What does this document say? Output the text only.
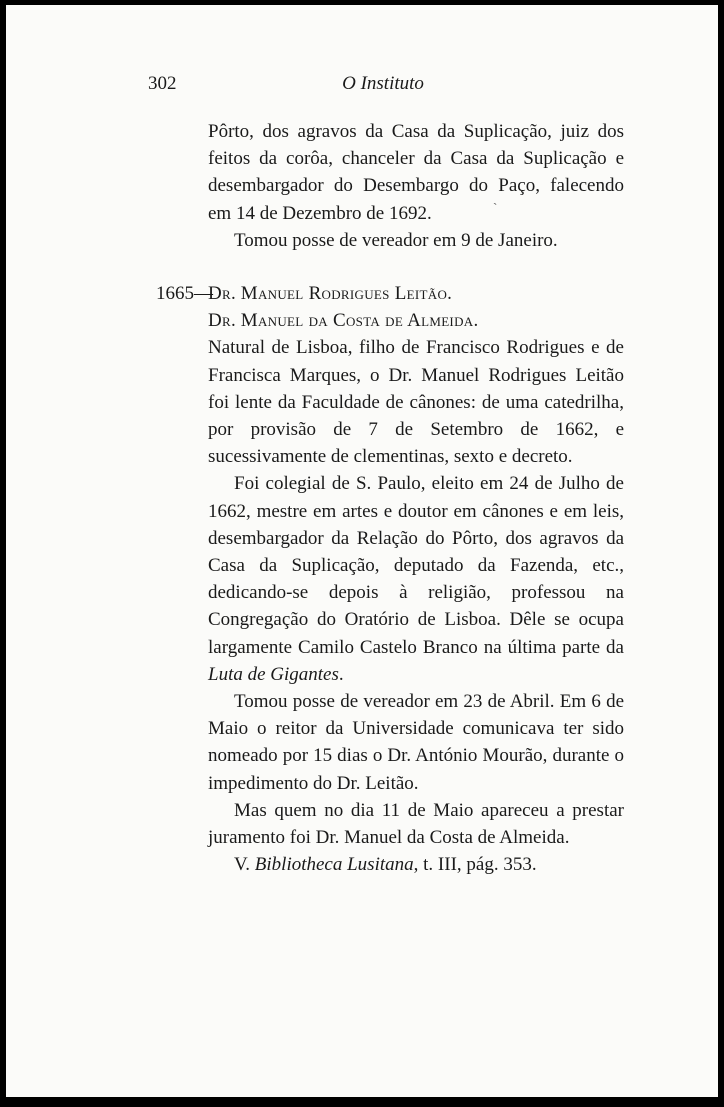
302	O Instituto

Pôrto, dos agravos da Casa da Suplicação, juiz dos feitos da corôa, chanceler da Casa da Suplicação e desembargador do Desembargo do Paço, falecendo em 14 de Dezembro de 1692.

Tomou posse de vereador em 9 de Janeiro.

1665—

Dr. Manuel Rodrigues Leitão.

Dr. Manuel da Costa de Almeida.

Natural de Lisboa, filho de Francisco Rodrigues e de Francisca Marques, o Dr. Manuel Rodrigues Leitão foi lente da Faculdade de cânones: de uma catedrilha, por provisão de 7 de Setembro de 1662, e sucessivamente de clementinas, sexto e decreto.

Foi colegial de S. Paulo, eleito em 24 de Julho de 1662, mestre em artes e doutor em cânones e em leis, desembargador da Relação do Pôrto, dos agravos da Casa da Suplicação, deputado da Fazenda, etc., dedicando-se depois à religião, professou na Congregação do Oratório de Lisboa. Dêle se ocupa largamente Camilo Castelo Branco na última parte da Luta de Gigantes.

Tomou posse de vereador em 23 de Abril. Em 6 de Maio o reitor da Universidade comunicava ter sido nomeado por 15 dias o Dr. António Mourão, durante o impedimento do Dr. Leitão.

Mas quem no dia 11 de Maio apareceu a prestar juramento foi Dr. Manuel da Costa de Almeida.

V. Bibliotheca Lusitana, t. III, pág. 353.

ˋ
